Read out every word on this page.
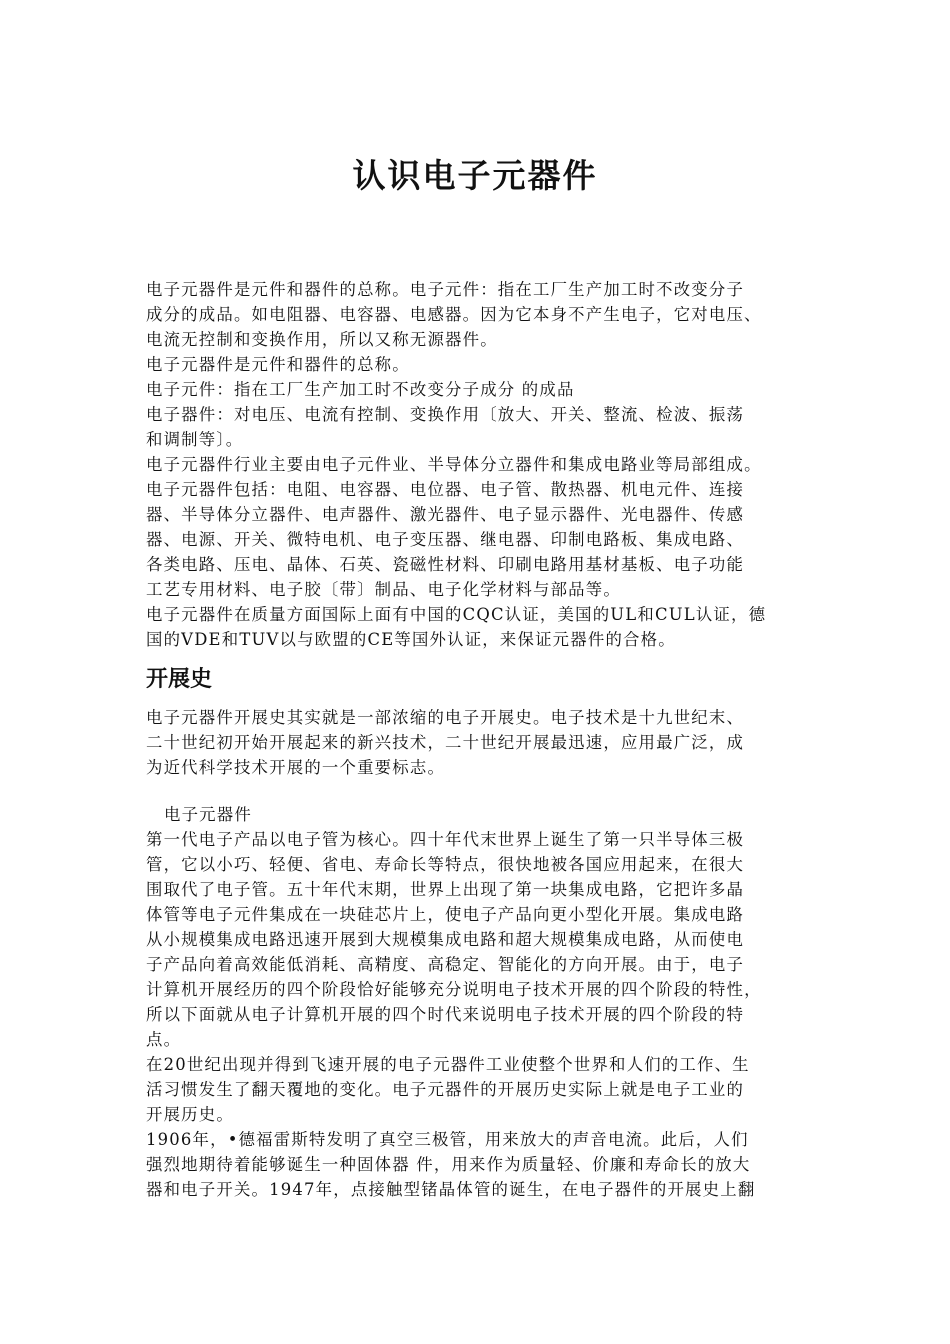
认识电子元器件
电子元器件是元件和器件的总称。电子元件：指在工厂生产加工时不改变分子
成分的成品。如电阻器、电容器、电感器。因为它本身不产生电子，它对电压、
电流无控制和变换作用，所以又称无源器件。
电子元器件是元件和器件的总称。
电子元件：指在工厂生产加工时不改变分子成分 的成品
电子器件：对电压、电流有控制、变换作用〔放大、开关、整流、检波、振荡
和调制等〕。
电子元器件行业主要由电子元件业、半导体分立器件和集成电路业等局部组成。
电子元器件包括：电阻、电容器、电位器、电子管、散热器、机电元件、连接
器、半导体分立器件、电声器件、激光器件、电子显示器件、光电器件、传感
器、电源、开关、微特电机、电子变压器、继电器、印制电路板、集成电路、
各类电路、压电、晶体、石英、瓷磁性材料、印刷电路用基材基板、电子功能
工艺专用材料、电子胶〔带〕制品、电子化学材料与部品等。
电子元器件在质量方面国际上面有中国的CQC认证，美国的UL和CUL认证，德
国的VDE和TUV以与欧盟的CE等国外认证，来保证元器件的合格。
开展史
电子元器件开展史其实就是一部浓缩的电子开展史。电子技术是十九世纪末、
二十世纪初开始开展起来的新兴技术，二十世纪开展最迅速，应用最广泛，成
为近代科学技术开展的一个重要标志。
电子元器件
第一代电子产品以电子管为核心。四十年代末世界上诞生了第一只半导体三极
管，它以小巧、轻便、省电、寿命长等特点，很快地被各国应用起来，在很大
围取代了电子管。五十年代末期，世界上出现了第一块集成电路，它把许多晶
体管等电子元件集成在一块硅芯片上，使电子产品向更小型化开展。集成电路
从小规模集成电路迅速开展到大规模集成电路和超大规模集成电路，从而使电
子产品向着高效能低消耗、高精度、高稳定、智能化的方向开展。由于，电子
计算机开展经历的四个阶段恰好能够充分说明电子技术开展的四个阶段的特性，
所以下面就从电子计算机开展的四个时代来说明电子技术开展的四个阶段的特
点。
在20世纪出现并得到飞速开展的电子元器件工业使整个世界和人们的工作、生
活习惯发生了翻天覆地的变化。电子元器件的开展历史实际上就是电子工业的
开展历史。
1906年，•德福雷斯特发明了真空三极管，用来放大的声音电流。此后，人们
强烈地期待着能够诞生一种固体器 件，用来作为质量轻、价廉和寿命长的放大
器和电子开关。1947年，点接触型锗晶体管的诞生，在电子器件的开展史上翻
